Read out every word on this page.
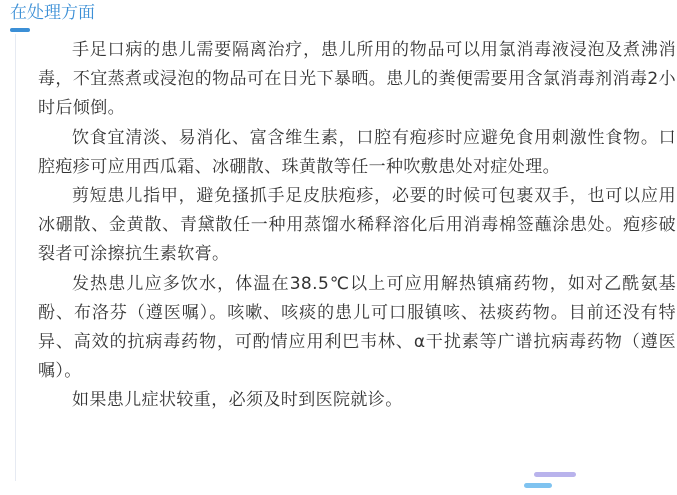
在处理方面

手足口病的患儿需要隔离治疗，患儿所用的物品可以用氯消毒液浸泡及煮沸消毒，不宜蒸煮或浸泡的物品可在日光下暴晒。患儿的粪便需要用含氯消毒剂消毒2小时后倾倒。

饮食宜清淡、易消化、富含维生素，口腔有疱疹时应避免食用刺激性食物。口腔疱疹可应用西瓜霜、冰硼散、珠黄散等任一种吹敷患处对症处理。

剪短患儿指甲，避免搔抓手足皮肤疱疹，必要的时候可包裹双手，也可以应用冰硼散、金黄散、青黛散任一种用蒸馏水稀释溶化后用消毒棉签蘸涂患处。疱疹破裂者可涂擦抗生素软膏。

发热患儿应多饮水，体温在38.5℃以上可应用解热镇痛药物，如对乙酰氨基酚、布洛芬（遵医嘱）。咳嗽、咳痰的患儿可口服镇咳、祛痰药物。目前还没有特异、高效的抗病毒药物，可酌情应用利巴韦林、α干扰素等广谱抗病毒药物（遵医嘱）。

如果患儿症状较重，必须及时到医院就诊。
